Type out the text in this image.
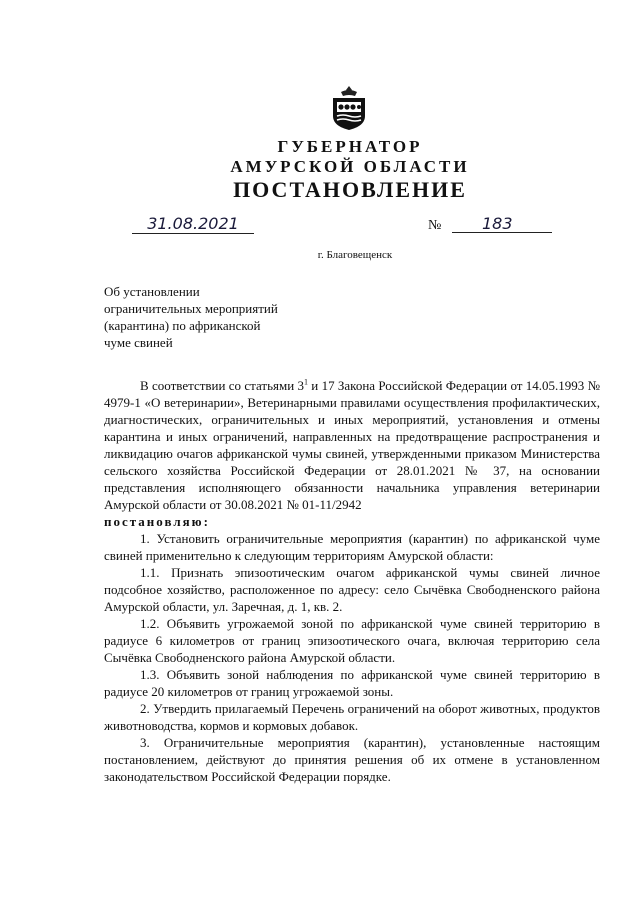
ГУБЕРНАТОР
АМУРСКОЙ ОБЛАСТИ
ПОСТАНОВЛЕНИЕ
31.08.2021	№	183
г. Благовещенск
Об установлении
ограничительных мероприятий
(карантина) по африканской
чуме свиней

В соответствии со статьями $3^1$ и 17 Закона Российской Федерации от 14.05.1993 № 4979-1 «О ветеринарии», Ветеринарными правилами осуществления профилактических, диагностических, ограничительных и иных мероприятий, установления и отмены карантина и иных ограничений, направленных на предотвращение распространения и ликвидацию очагов африканской чумы свиней, утвержденными приказом Министерства сельского хозяйства Российской Федерации от 28.01.2021 № 37, на основании представления исполняющего обязанности начальника управления ветеринарии Амурской области от 30.08.2021 № 01-11/2942

постановляю:

1. Установить ограничительные мероприятия (карантин) по африканской чуме свиней применительно к следующим территориям Амурской области:

1.1. Признать эпизоотическим очагом африканской чумы свиней личное подсобное хозяйство, расположенное по адресу: село Сычёвка Свободненского района Амурской области, ул. Заречная, д. 1, кв. 2.

1.2. Объявить угрожаемой зоной по африканской чуме свиней территорию в радиусе 6 километров от границ эпизоотического очага, включая территорию села Сычёвка Свободненского района Амурской области.

1.3. Объявить зоной наблюдения по африканской чуме свиней территорию в радиусе 20 километров от границ угрожаемой зоны.

2. Утвердить прилагаемый Перечень ограничений на оборот животных, продуктов животноводства, кормов и кормовых добавок.

3. Ограничительные мероприятия (карантин), установленные настоящим постановлением, действуют до принятия решения об их отмене в установленном законодательством Российской Федерации порядке.
